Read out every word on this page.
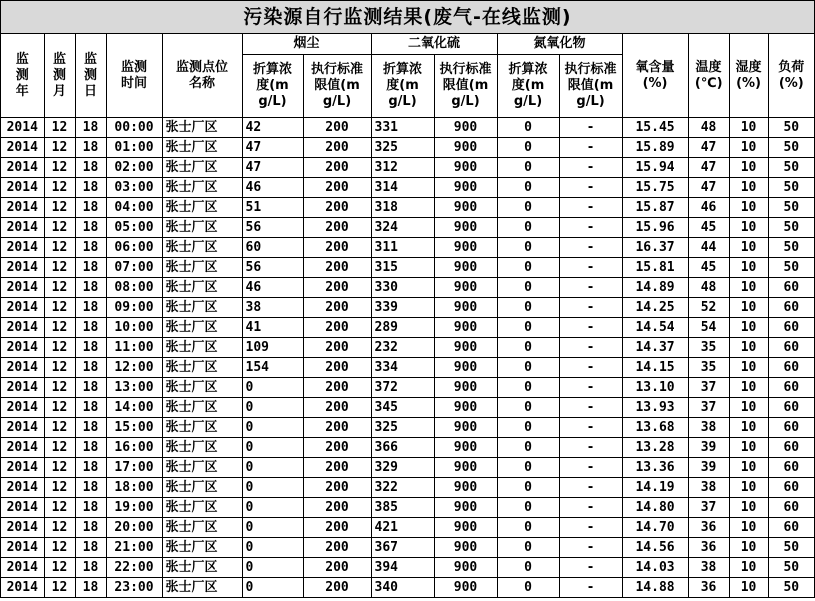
污染源自行监测结果(废气-在线监测)
监测年	监测月	监测日	监测时间	监测点位名称	烟尘		二氧化硫		氮氧化物		氧含量(%)	温度(℃)	湿度(%)	负荷(%)

					折算浓度(mg/L)	执行标准限值(mg/L)	折算浓度(mg/L)	执行标准限值(mg/L)	折算浓度(mg/L)	执行标准限值(mg/L)				

2014	12	18	00:00	张士厂区	42	200	331	900	0	-	15.45	48	10	50
2014	12	18	01:00	张士厂区	47	200	325	900	0	-	15.89	47	10	50
2014	12	18	02:00	张士厂区	47	200	312	900	0	-	15.94	47	10	50
2014	12	18	03:00	张士厂区	46	200	314	900	0	-	15.75	47	10	50
2014	12	18	04:00	张士厂区	51	200	318	900	0	-	15.87	46	10	50
2014	12	18	05:00	张士厂区	56	200	324	900	0	-	15.96	45	10	50
2014	12	18	06:00	张士厂区	60	200	311	900	0	-	16.37	44	10	50
2014	12	18	07:00	张士厂区	56	200	315	900	0	-	15.81	45	10	50
2014	12	18	08:00	张士厂区	46	200	330	900	0	-	14.89	48	10	60
2014	12	18	09:00	张士厂区	38	200	339	900	0	-	14.25	52	10	60
2014	12	18	10:00	张士厂区	41	200	289	900	0	-	14.54	54	10	60
2014	12	18	11:00	张士厂区	109	200	232	900	0	-	14.37	35	10	60
2014	12	18	12:00	张士厂区	154	200	334	900	0	-	14.15	35	10	60
2014	12	18	13:00	张士厂区	0	200	372	900	0	-	13.10	37	10	60
2014	12	18	14:00	张士厂区	0	200	345	900	0	-	13.93	37	10	60
2014	12	18	15:00	张士厂区	0	200	325	900	0	-	13.68	38	10	60
2014	12	18	16:00	张士厂区	0	200	366	900	0	-	13.28	39	10	60
2014	12	18	17:00	张士厂区	0	200	329	900	0	-	13.36	39	10	60
2014	12	18	18:00	张士厂区	0	200	322	900	0	-	14.19	38	10	60
2014	12	18	19:00	张士厂区	0	200	385	900	0	-	14.80	37	10	60
2014	12	18	20:00	张士厂区	0	200	421	900	0	-	14.70	36	10	60
2014	12	18	21:00	张士厂区	0	200	367	900	0	-	14.56	36	10	50
2014	12	18	22:00	张士厂区	0	200	394	900	0	-	14.03	38	10	50
2014	12	18	23:00	张士厂区	0	200	340	900	0	-	14.88	36	10	50
